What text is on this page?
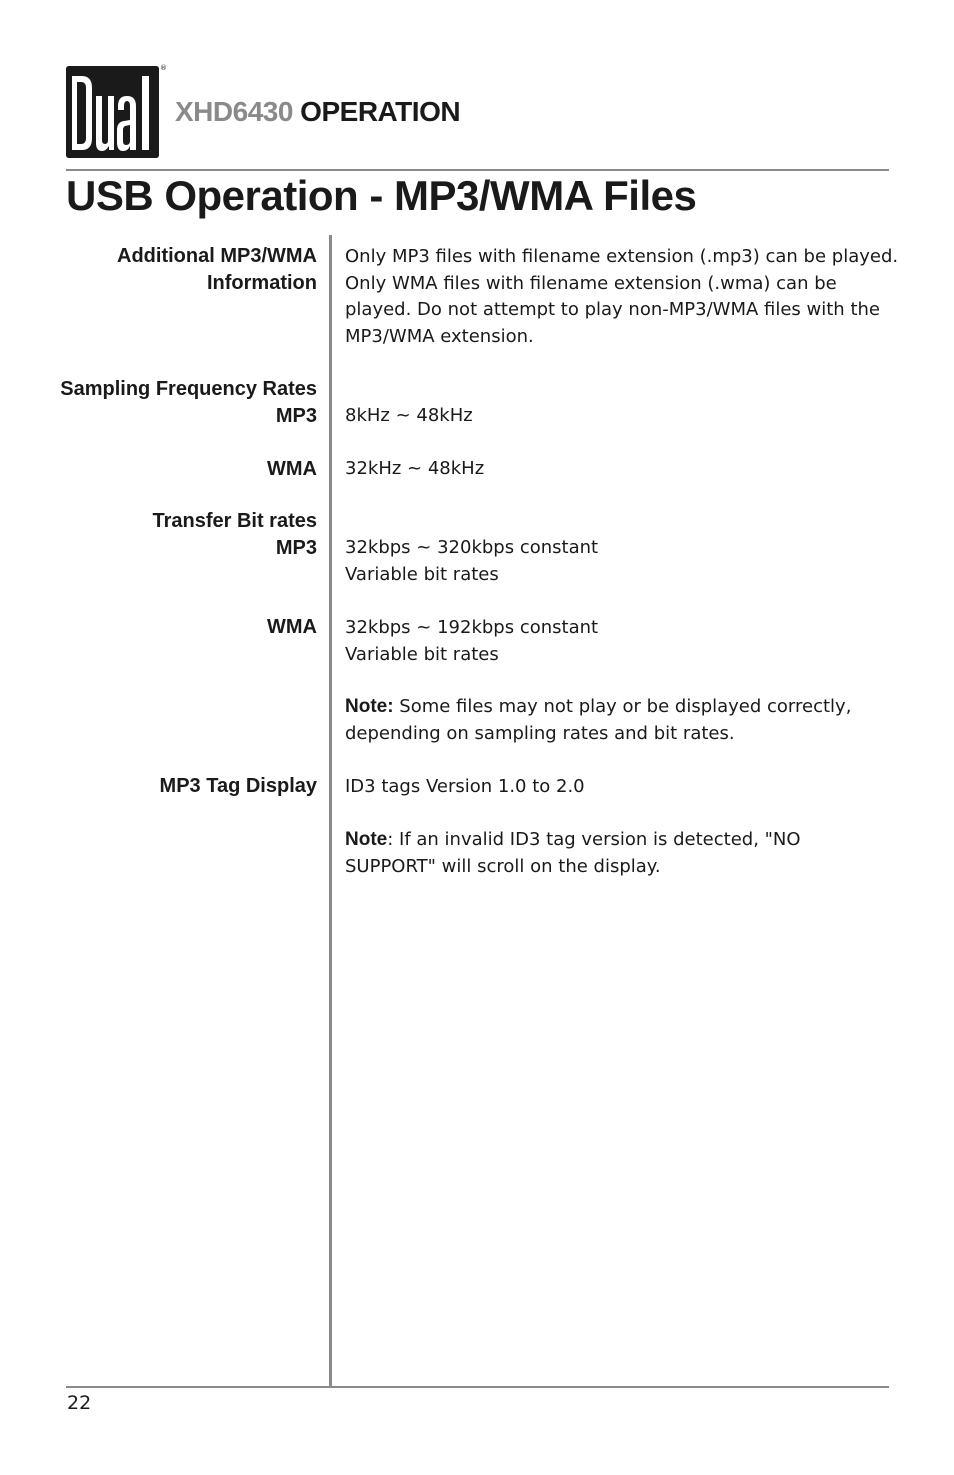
®
XHD6430 OPERATION
USB Operation - MP3/WMA Files
Additional MP3/WMA
Information
Only MP3 files with filename extension (.mp3) can be played.
Only WMA files with filename extension (.wma) can be
played. Do not attempt to play non-MP3/WMA files with the
MP3/WMA extension.
Sampling Frequency Rates
MP3 8kHz ~ 48kHz
WMA 32kHz ~ 48kHz
Transfer Bit rates
MP3 32kbps ~ 320kbps constant
Variable bit rates
WMA 32kbps ~ 192kbps constant
Variable bit rates
Note: Some files may not play or be displayed correctly,
depending on sampling rates and bit rates.
MP3 Tag Display ID3 tags Version 1.0 to 2.0
Note: If an invalid ID3 tag version is detected, "NO
SUPPORT" will scroll on the display.
22
